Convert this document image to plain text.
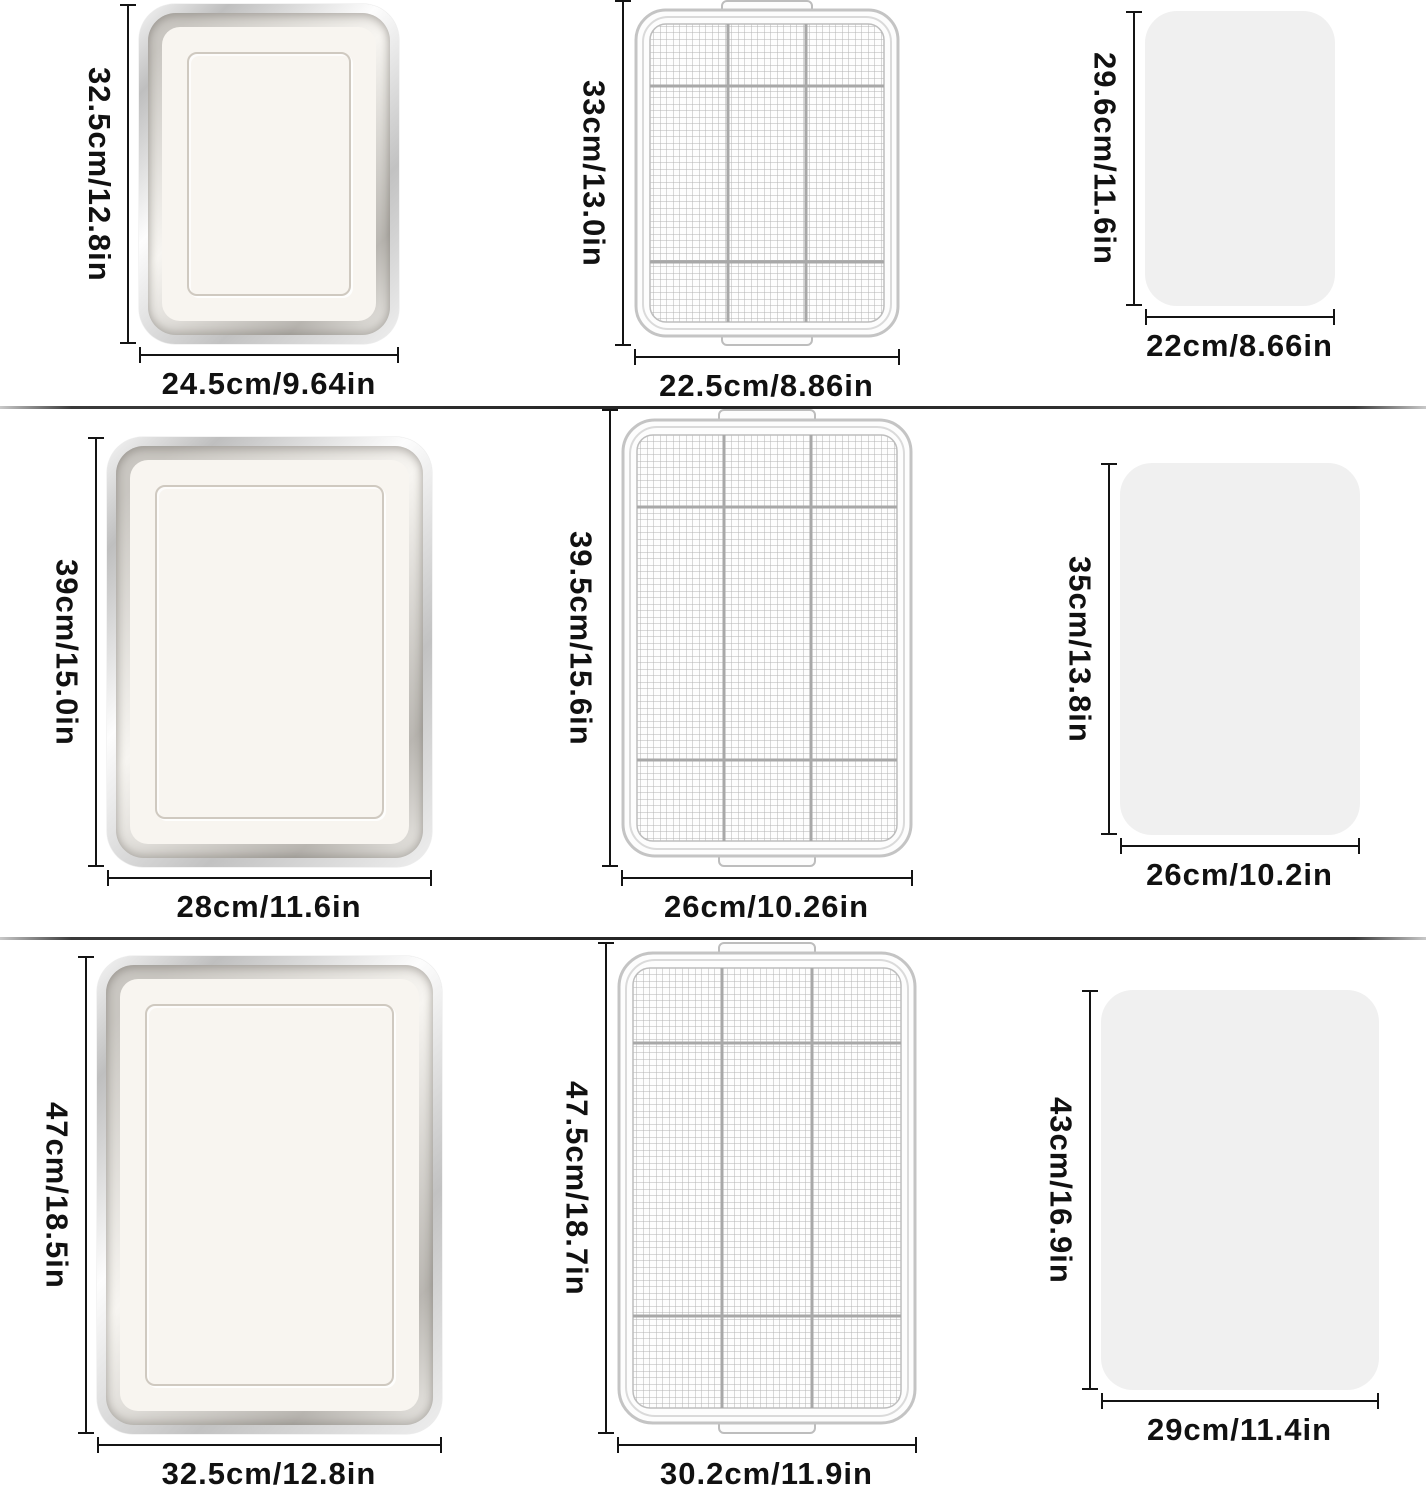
32.5cm/12.8in
24.5cm/9.64in
33cm/13.0in
22.5cm/8.86in
29.6cm/11.6in
22cm/8.66in
39cm/15.0in
28cm/11.6in
39.5cm/15.6in
26cm/10.26in
35cm/13.8in
26cm/10.2in
47cm/18.5in
32.5cm/12.8in
47.5cm/18.7in
30.2cm/11.9in
43cm/16.9in
29cm/11.4in
